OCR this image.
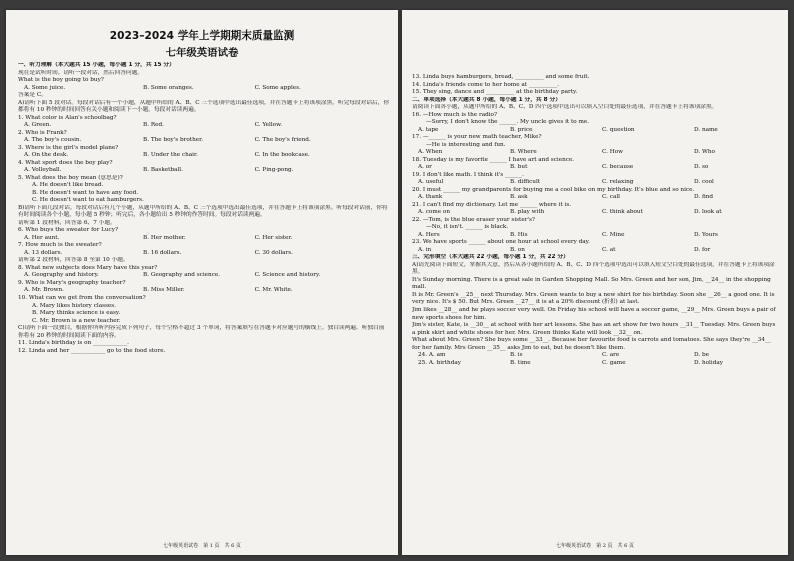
2023–2024 学年上学期期末质量监测
七年级英语试卷
一、听力理解（本大题共 15 小题，每小题 1 分，共 15 分）
现在是试听时间。请听一段对话，然后回答问题。
What is the boy going to buy?
A. Some juice.	B. Some oranges.	C. Some apples.
答案是 C。
A)请听下面 5 段对话。每段对话后有一个小题，从题中所给的 A、B、C 三个选项中选出最佳选项，并在答题卡上将该项涂黑。听完每段对话后，你都将有 10 秒钟的时间回答有关小题和阅读下一小题。每段对话读两遍。
1. What color is Alan's schoolbag?
A. Green.	B. Red.	C. Yellow.
2. Who is Frank?
A. The boy's cousin.	B. The boy's brother.	C. The boy's friend.
3. Where is the girl's model plane?
A. On the desk.	B. Under the chair.	C. In the bookcase.
4. What sport does the boy play?
A. Volleyball.	B. Basketball.	C. Ping-pong.
5. What does the boy mean (意思是)?
A. He doesn't like bread.
B. He doesn't want to have any food.
C. He doesn't want to eat hamburgers.
B)请听下面几段对话。每段对话后有几个小题，从题中所给的 A、B、C 三个选项中选出最佳选项，并在答题卡上将该项涂黑。听每段对话前，你将有时间阅读各个小题，每小题 5 秒钟；听完后，各小题给出 5 秒钟的作答时间。每段对话读两遍。
请听第 1 段材料，回答第 6、7 小题。
6. Who buys the sweater for Lucy?
A. Her aunt.	B. Her mother.	C. Her sister.
7. How much is the sweater?
A. 13 dollars.	B. 16 dollars.	C. 30 dollars.
请听第 2 段材料，回答第 8 至第 10 小题。
8. What new subjects does Mary have this year?
A. Geography and history.	B. Geography and science.	C. Science and history.
9. Who is Mary's geography teacher?
A. Mr. Brown.	B. Miss Miller.	C. Mr. White.
10. What can we get from the conversation?
A. Mary likes history classes.
B. Mary thinks science is easy.
C. Mr. Brown is a new teacher.
C)请听下面一段独白，根据你所听内容完成下列句子，每个空格不超过 3 个单词，将答案填写在答题卡对应题号的横线上。独白读两遍。听独白前你将有 20 秒钟的时间阅读下面的内容。
11. Linda's birthday is on ____________.
12. Linda and her ____________ go to the food store.
七年级英语试卷　第 1 页　共 6 页
13. Linda buys hamburgers, bread, __________ and some fruit.
14. Linda's friends come to her home at __________.
15. They sing, dance and __________ at the birthday party.
二、单项选择（本大题共 8 小题，每小题 1 分，共 8 分）
请阅读下面各小题，从题中所给的 A、B、C、D 四个选项中选出可以填入空白处的最佳选项，并在答题卡上将该项涂黑。
16. —How much is the radio?
—Sorry, I don't know the ______. My uncle gives it to me.
A. tape	B. price	C. question	D. name
17. —______ is your new math teacher, Mike?
—He is interesting and fun.
A. When	B. Where	C. How	D. Who
18. Tuesday is my favorite ______ I have art and science.
A. or	B. but	C. because	D. so
19. I don't like math. I think it's ______.
A. useful	B. difficult	C. relaxing	D. cool
20. I must ______ my grandparents for buying me a cool bike on my birthday. It's blue and so nice.
A. thank	B. ask	C. call	D. find
21. I can't find my dictionary. Let me ______ where it is.
A. come on	B. play with	C. think about	D. look at
22. —Tom, is the blue eraser your sister's?
—No, it isn't. ______ is black.
A. Hers	B. His	C. Mine	D. Yours
23. We have sports ______ about one hour at school every day.
A. in	B. on	C. at	D. for
三、完形填空（本大题共 22 小题，每小题 1 分，共 22 分）
A)请先阅读下面短文，掌握其大意，然后从各小题所给的 A、B、C、D 四个选项中选出可以填入短文空白处的最佳选项，并在答题卡上将该项涂黑。
It's Sunday morning. There is a great sale in Garden Shopping Mall. So Mrs. Green and her son, Jim, __24__ in the shopping mall.
It is Mr. Green's __25__ next Thursday. Mrs. Green wants to buy a new shirt for his birthday. Soon she __26__ a good one. It is very nice. It's $ 50. But Mrs. Green __27__ it is at a 20% discount (折扣) at last.
Jim likes __28__ and he plays soccer very well. On Friday his school will have a soccer game, __29__ Mrs. Green buys a pair of new sports shoes for him.
Jim's sister, Kate, is __30__ at school with her art lessons. She has an art show for two hours __31__ Tuesday. Mrs. Green buys a pink skirt and white shoes for her. Mrs. Green thinks Kate will look __32__ on.
What about Mrs. Green? She buys some __33__. Because her favourite food is carrots and tomatoes. She says they're __34__ for her family. Mrs Green __35__ asks Jim to eat, but he doesn't like them.
24. A. am	B. is	C. are	D. be
25. A. birthday	B. time	C. game	D. holiday
七年级英语试卷　第 2 页　共 6 页
